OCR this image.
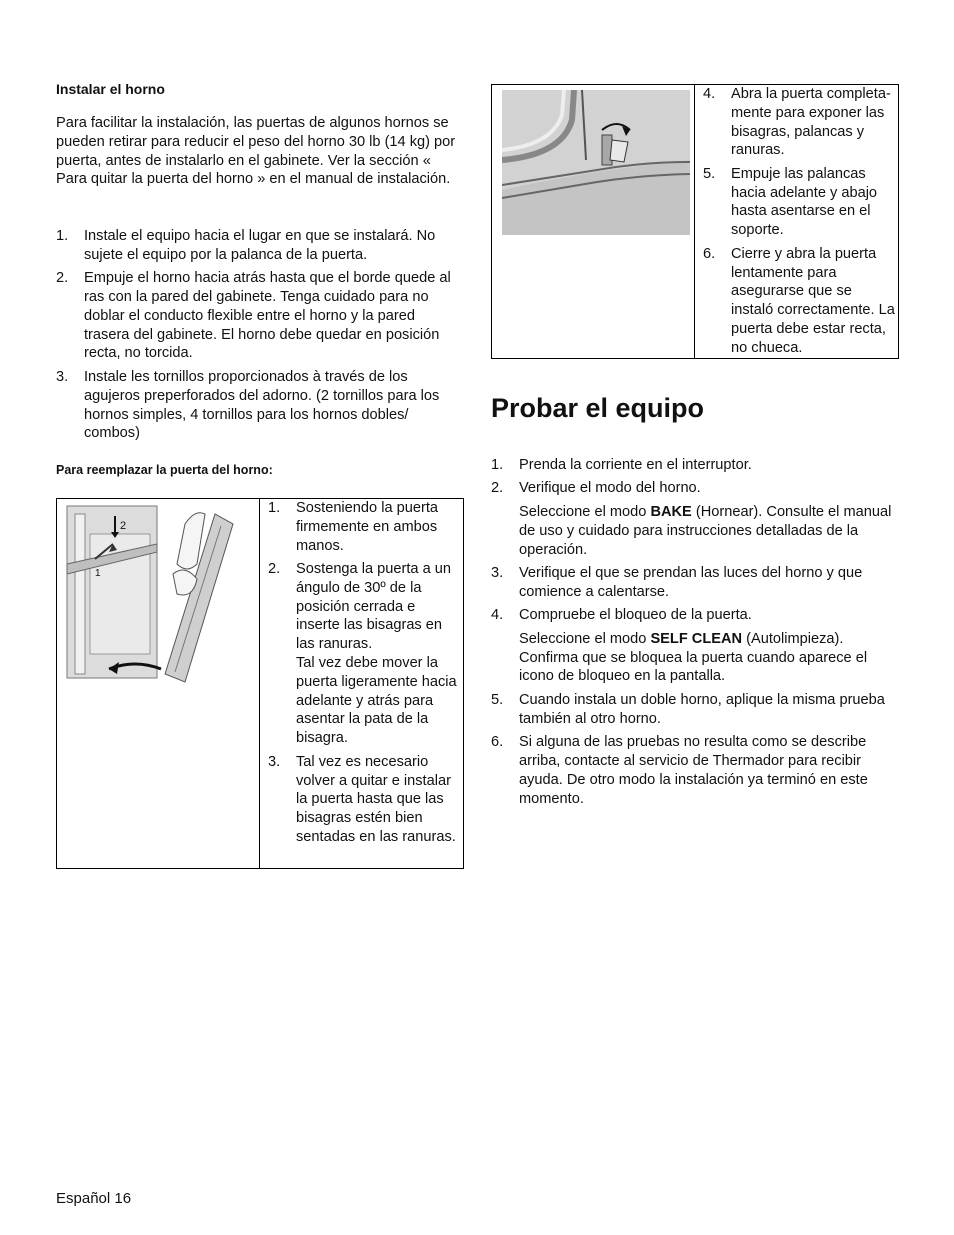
Instalar el horno

Para facilitar la instalación, las puertas de algunos hornos se pueden retirar para reducir el peso del horno 30 lb (14 kg) por puerta, antes de instalarlo en el gabinete. Ver la sección « Para quitar la puerta del horno » en el manual de instalación.

1. Instale el equipo hacia el lugar en que se instalará. No sujete el equipo por la palanca de la puerta.
2. Empuje el horno hacia atrás hasta que el borde quede al ras con la pared del gabinete. Tenga cuidado para no doblar el conducto flexible entre el horno y la pared trasera del gabinete. El horno debe quedar en posición recta, no torcida.
3. Instale les tornillos proporcionados à través de los agujeros preperforados del adorno. (2 tornillos para los hornos simples, 4 tornillos para los hornos dobles/ combos)
Para reemplazar la puerta del horno:
2
1
1. Sosteniendo la puerta firmemente en ambos manos.
2. Sostenga la puerta a un ángulo de 30º de la posición cerrada e inserte las bisagras en las ranuras.
Tal vez debe mover la puerta ligeramente hacia adelante y atrás para asentar la pata de la bisagra.
3. Tal vez es necesario volver a quitar e instalar la puerta hasta que las bisagras estén bien sentadas en las ranuras.
4. Abra la puerta completa-mente para exponer las bisagras, palancas y ranuras.
5. Empuje las palancas hacia adelante y abajo hasta asentarse en el soporte.
6. Cierre y abra la puerta lentamente para asegurarse que se instaló correctamente. La puerta debe estar recta, no chueca.
Probar el equipo
1. Prenda la corriente en el interruptor.
2. Verifique el modo del horno.
Seleccione el modo BAKE (Hornear). Consulte el manual de uso y cuidado para instrucciones detalladas de la operación.
3. Verifique el que se prendan las luces del horno y que comience a calentarse.
4. Compruebe el bloqueo de la puerta.
Seleccione el modo SELF CLEAN (Autolimpieza). Confirma que se bloquea la puerta cuando aparece el icono de bloqueo en la pantalla.
5. Cuando instala un doble horno, aplique la misma prueba también al otro horno.
6. Si alguna de las pruebas no resulta como se describe arriba, contacte al servicio de Thermador para recibir ayuda. De otro modo la instalación ya terminó en este momento.
Español 16
